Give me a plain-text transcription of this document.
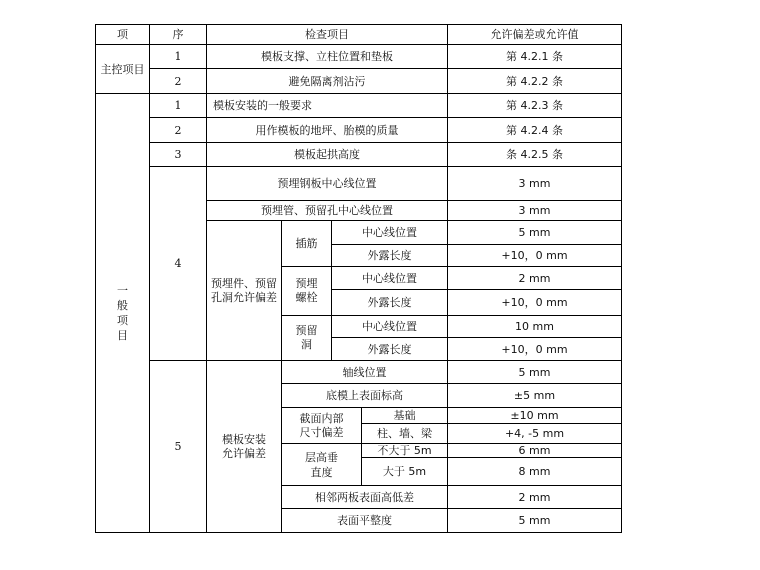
项	序	检查项目				允许偏差或允许值
主控项目	1	模板支撑、立柱位置和垫板				第 4.2.1 条
	2	避免隔离剂沾污				第 4.2.2 条
一般项目	1	模板安装的一般要求				第 4.2.3 条
	2	用作模板的地坪、胎模的质量				第 4.2.4 条
	3	模板起拱高度				条 4.2.5 条
	4	预埋钢板中心线位置				3 mm
		预埋管、预留孔中心线位置				3 mm
		预埋件、预留孔洞允许偏差	插筋	中心线位置		5 mm
				外露长度		+10，0 mm
			预埋螺栓	中心线位置		2 mm
				外露长度		+10，0 mm
			预留洞	中心线位置		10 mm
				外露长度		+10，0 mm
	5	模板安装允许偏差	轴线位置			5 mm
			底模上表面标高			±5 mm
			截面内部尺寸偏差		基础	±10 mm
					柱、墙、梁	+4, -5 mm
			层高垂直度		不大于 5m	6 mm
					大于 5m	8 mm
			相邻两板表面高低差			2 mm
			表面平整度			5 mm
